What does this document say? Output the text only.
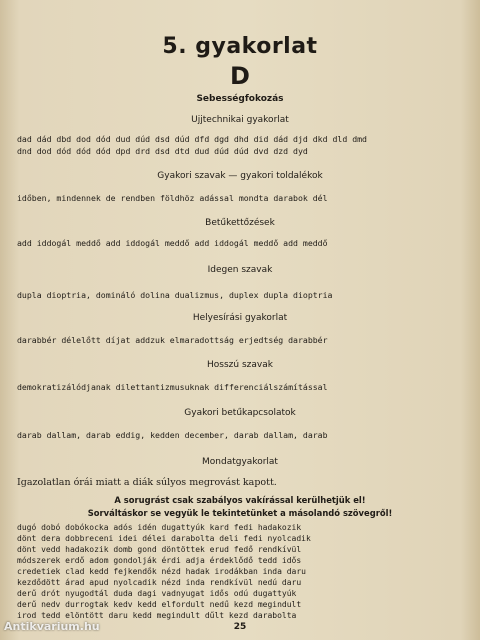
5. gyakorlat
D
Sebességfokozás
Ujjtechnikai gyakorlat
dad dád dbd dod dód dud dúd dsd dúd dfd dgd dhd did dád djd dkd dld dmd
dnd dod dód dód dód dpd drd dsd dtd dud dúd dúd dvd dzd dyd
Gyakori szavak — gyakori toldalékok
időben, mindennek de rendben földhöz adással mondta darabok dél
Betűkettőzések
add iddogál meddő add iddogál meddő add iddogál meddő add meddő
Idegen szavak
dupla dioptria, domináló dolina dualizmus, duplex dupla dioptria
Helyesírási gyakorlat
darabbér délelőtt díjat addzuk elmaradottság erjedtség darabbér
Hosszú szavak
demokratizálódjanak dilettantizmusuknak differenciálszámítással
Gyakori betűkapcsolatok
darab dallam, darab eddig, kedden december, darab dallam, darab
Mondatgyakorlat
Igazolatlan órái miatt a diák súlyos megrovást kapott.
A sorugrást csak szabályos vakírással kerülhetjük el!
Sorváltáskor se vegyük le tekintetünket a másolandó szövegről!
dugó dobó dobókocka adós idén dugattyúk kard fedi hadakozik
dönt dera dobbreceni idei délei darabolta deli fedi nyolcadik
dönt vedd hadakozik domb gond döntöttek erud fedő rendkívül
módszerek erdő adom gondolják érdi adja érdeklődő tedd idős
credetiek clad kedd fejkendők nézd hadak irodákban inda daru
kezdődött árad apud nyolcadik nézd inda rendkívül nedú daru
derű drót nyugodtál duda dagi vadnyugat idős odú dugattyúk
derű nedv durrogtak kedv kedd elfordult nedű kezd megindult
irod tedd elöntött daru kedd megindult dűlt kezd darabolta
25
Antikvarium.hu
